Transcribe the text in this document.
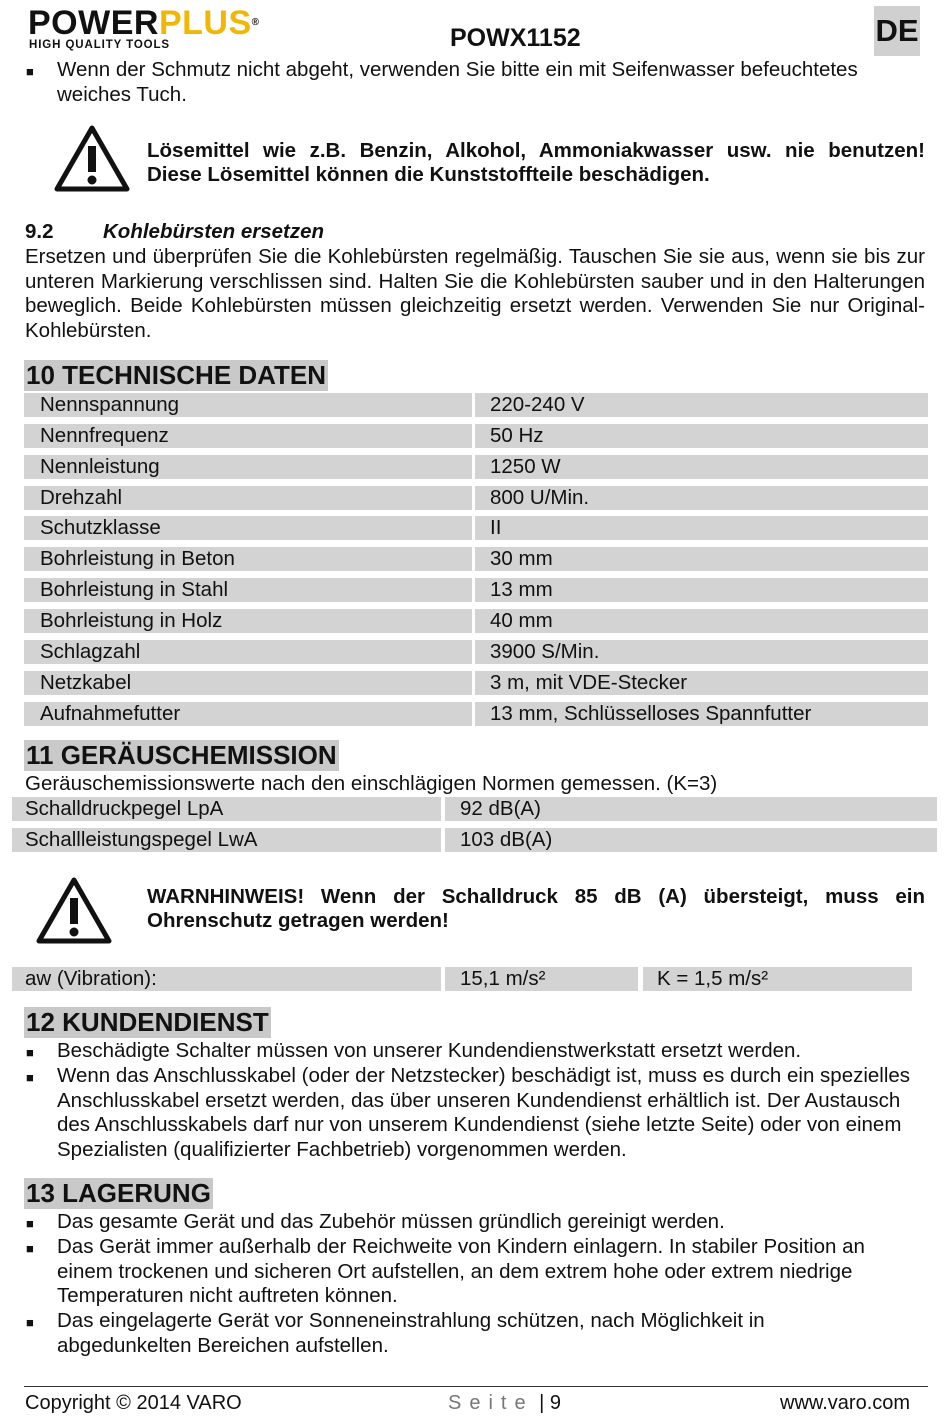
POWERPLUS®
HIGH QUALITY TOOLS	POWX1152	DE
■ Wenn der Schmutz nicht abgeht, verwenden Sie bitte ein mit Seifenwasser befeuchtetes weiches Tuch.
Lösemittel wie z.B. Benzin, Alkohol, Ammoniakwasser usw. nie benutzen!
Diese Lösemittel können die Kunststoffteile beschädigen.
9.2 Kohlebürsten ersetzen
Ersetzen und überprüfen Sie die Kohlebürsten regelmäßig. Tauschen Sie sie aus, wenn sie bis zur unteren Markierung verschlissen sind. Halten Sie die Kohlebürsten sauber und in den Halterungen beweglich. Beide Kohlebürsten müssen gleichzeitig ersetzt werden. Verwenden Sie nur Original-Kohlebürsten.
10 TECHNISCHE DATEN
Nennspannung	220-240 V
Nennfrequenz	50 Hz
Nennleistung	1250 W
Drehzahl	800 U/Min.
Schutzklasse	II
Bohrleistung in Beton	30 mm
Bohrleistung in Stahl	13 mm
Bohrleistung in Holz	40 mm
Schlagzahl	3900 S/Min.
Netzkabel	3 m, mit VDE-Stecker
Aufnahmefutter	13 mm, Schlüsselloses Spannfutter
11 GERÄUSCHEMISSION
Geräuschemissionswerte nach den einschlägigen Normen gemessen. (K=3)
Schalldruckpegel LpA	92 dB(A)
Schallleistungspegel LwA	103 dB(A)
WARNHINWEIS! Wenn der Schalldruck 85 dB (A) übersteigt, muss ein
Ohrenschutz getragen werden!
aw (Vibration):	15,1 m/s²	K = 1,5 m/s²
12 KUNDENDIENST
■ Beschädigte Schalter müssen von unserer Kundendienstwerkstatt ersetzt werden.
■ Wenn das Anschlusskabel (oder der Netzstecker) beschädigt ist, muss es durch ein spezielles Anschlusskabel ersetzt werden, das über unseren Kundendienst erhältlich ist. Der Austausch des Anschlusskabels darf nur von unserem Kundendienst (siehe letzte Seite) oder von einem Spezialisten (qualifizierter Fachbetrieb) vorgenommen werden.
13 LAGERUNG
■ Das gesamte Gerät und das Zubehör müssen gründlich gereinigt werden.
■ Das Gerät immer außerhalb der Reichweite von Kindern einlagern. In stabiler Position an einem trockenen und sicheren Ort aufstellen, an dem extrem hohe oder extrem niedrige Temperaturen nicht auftreten können.
■ Das eingelagerte Gerät vor Sonneneinstrahlung schützen, nach Möglichkeit in abgedunkelten Bereichen aufstellen.
Copyright © 2014 VARO	Seite | 9	www.varo.com
